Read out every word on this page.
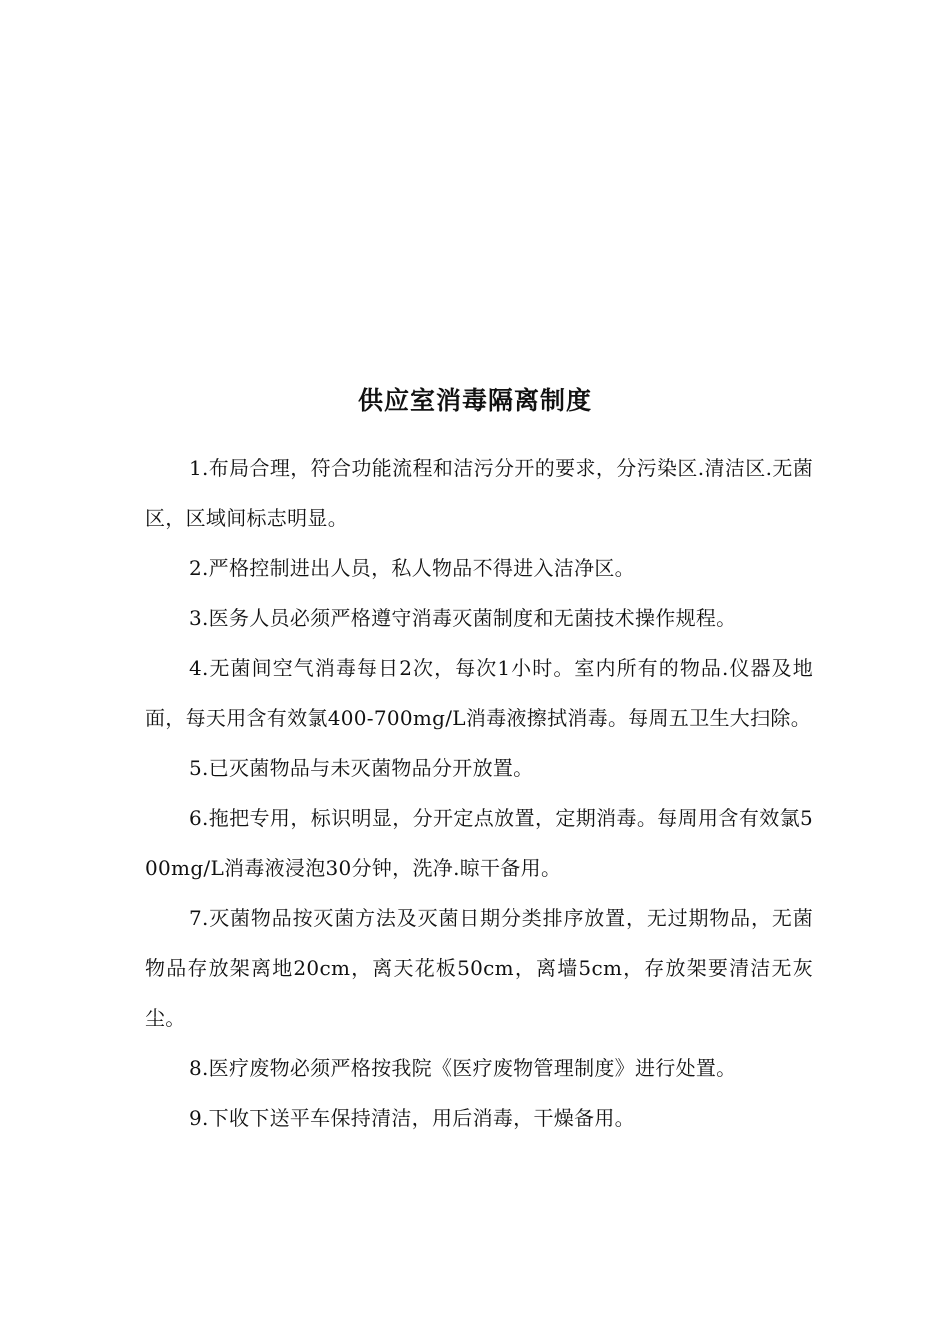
供应室消毒隔离制度

1.布局合理，符合功能流程和洁污分开的要求，分污染区.清洁区.无菌区，区域间标志明显。

2.严格控制进出人员，私人物品不得进入洁净区。

3.医务人员必须严格遵守消毒灭菌制度和无菌技术操作规程。

4.无菌间空气消毒每日2次，每次1小时。室内所有的物品.仪器及地面，每天用含有效氯400-700mg/L消毒液擦拭消毒。每周五卫生大扫除。

5.已灭菌物品与未灭菌物品分开放置。

6.拖把专用，标识明显，分开定点放置，定期消毒。每周用含有效氯500mg/L消毒液浸泡30分钟，洗净.晾干备用。

7.灭菌物品按灭菌方法及灭菌日期分类排序放置，无过期物品，无菌物品存放架离地20cm，离天花板50cm，离墙5cm，存放架要清洁无灰尘。

8.医疗废物必须严格按我院《医疗废物管理制度》进行处置。

9.下收下送平车保持清洁，用后消毒，干燥备用。
